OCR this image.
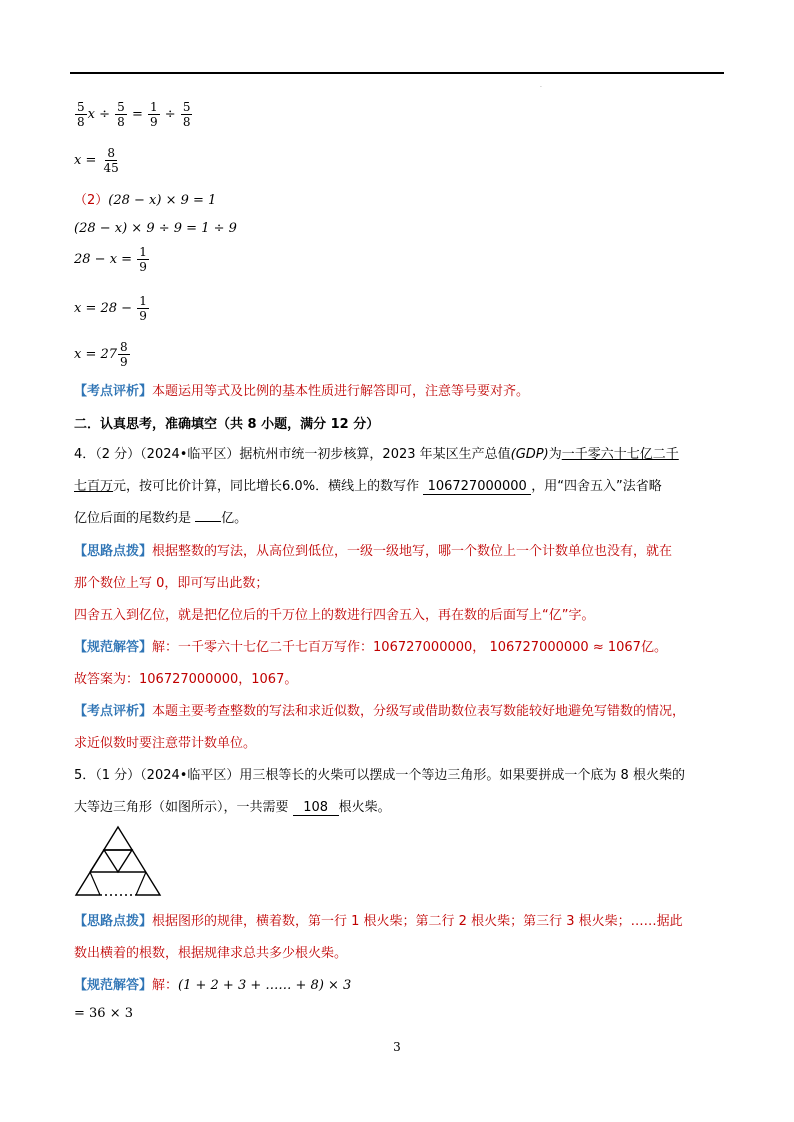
·
$\frac{5}{8}$ $x \div \frac{5}{8} = \frac{1}{9} \div \frac{5}{8}$
$x = \frac{8}{45}$
（2）(28 − x) × 9 = 1
(28 − x) × 9 ÷ 9 = 1 ÷ 9
$28 - x = \frac{1}{9}$
$x = 28 - \frac{1}{9}$
$x = 27 \frac{8}{9}$
【考点评析】本题运用等式及比例的基本性质进行解答即可，注意等号要对齐。
二．认真思考，准确填空（共 8 小题，满分 12 分）
4．（2 分）（2024•临平区）据杭州市统一初步核算，2023 年某区生产总值(GDP)为一千零六十七亿二千
七百万元，按可比价计算，同比增长6.0%．横线上的数写作 106727000000 ，用“四舍五入”法省略
亿位后面的尾数约是 亿。
【思路点拨】根据整数的写法，从高位到低位，一级一级地写，哪一个数位上一个计数单位也没有，就在
那个数位上写 0，即可写出此数；
四舍五入到亿位，就是把亿位后的千万位上的数进行四舍五入，再在数的后面写上“亿”字。
【规范解答】解：一千零六十七亿二千七百万写作：106727000000， 106727000000 ≈ 1067亿。
故答案为：106727000000，1067。
【考点评析】本题主要考查整数的写法和求近似数，分级写或借助数位表写数能较好地避免写错数的情况，
求近似数时要注意带计数单位。
5．（1 分）（2024•临平区）用三根等长的火柴可以摆成一个等边三角形。如果要拼成一个底为 8 根火柴的
大等边三角形（如图所示），一共需要 108 根火柴。
【思路点拨】根据图形的规律，横着数，第一行 1 根火柴；第二行 2 根火柴；第三行 3 根火柴；……据此
数出横着的根数，根据规律求总共多少根火柴。
【规范解答】解：(1 + 2 + 3 + …… + 8) × 3
= 36 × 3
3
